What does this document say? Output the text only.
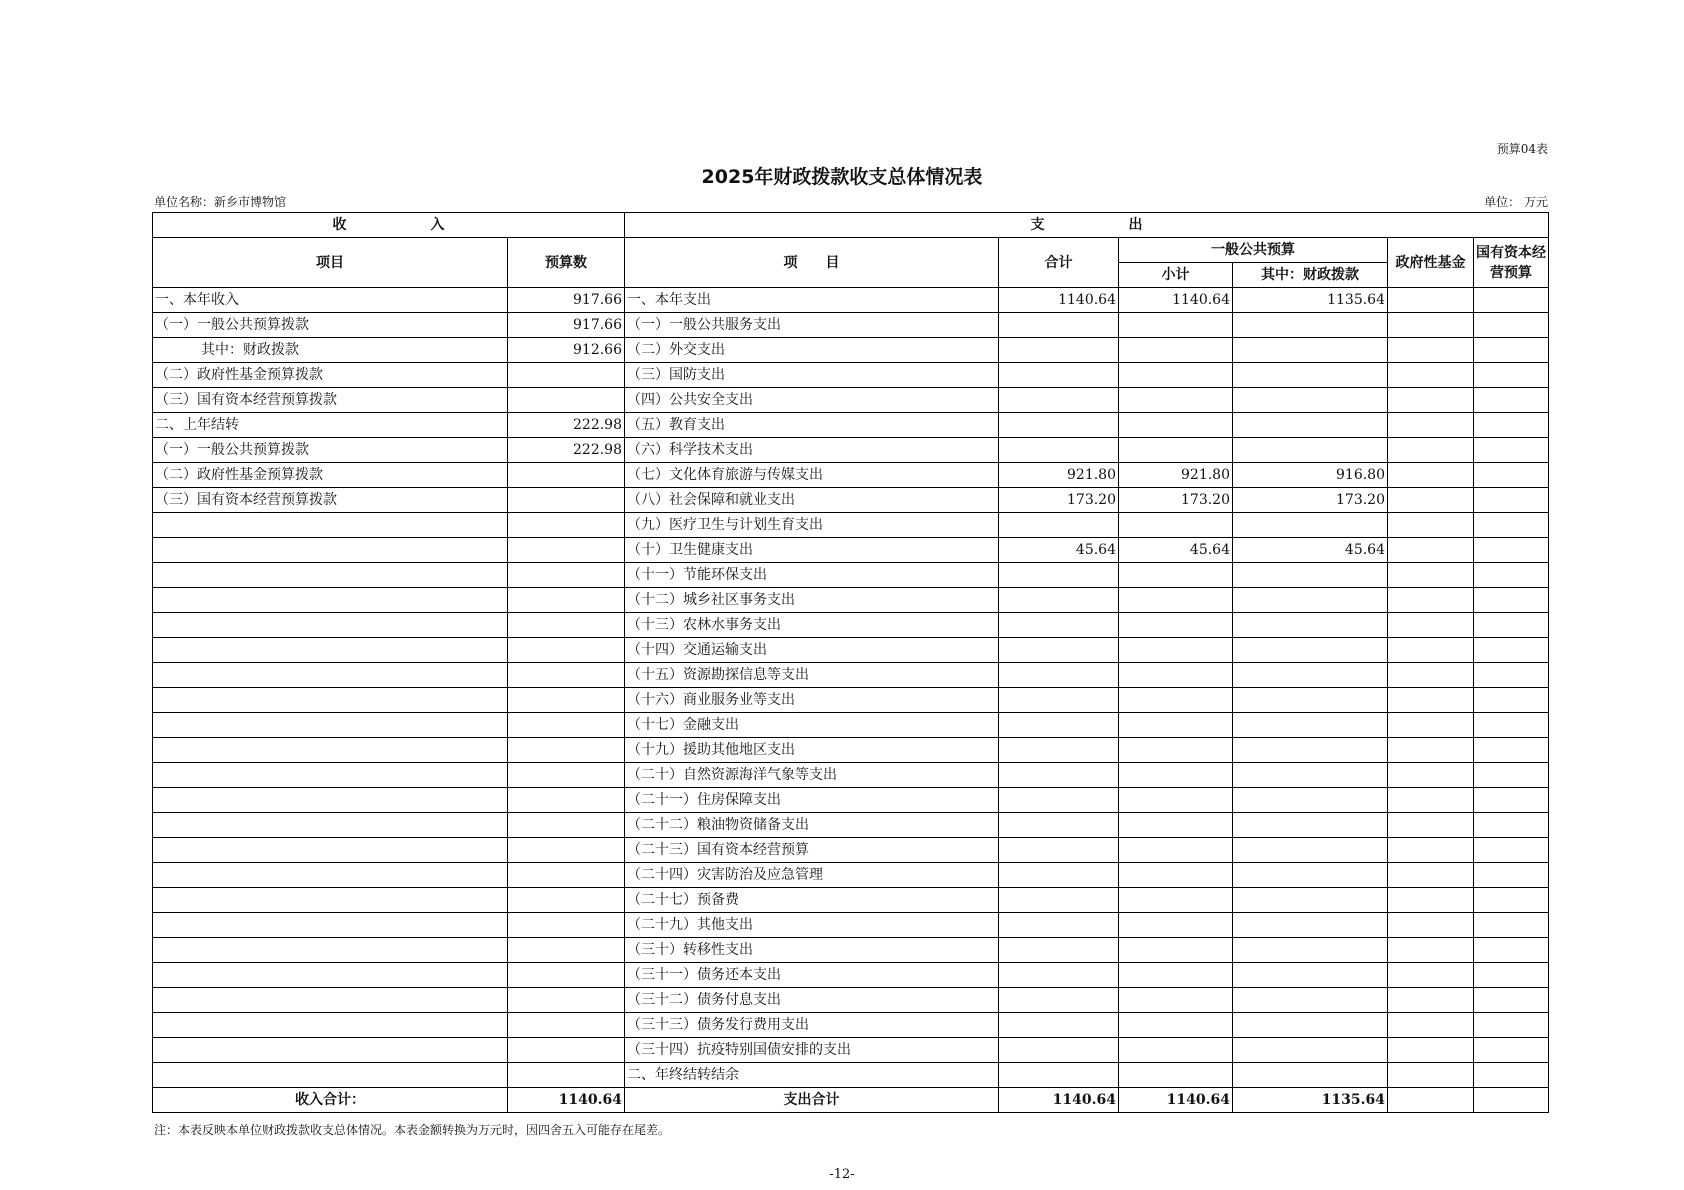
预算04表
2025年财政拨款收支总体情况表
单位名称：新乡市博物馆	单位： 万元
收　　　　　　入		支　　　　　　出					
项目	预算数	项　　目	合计	一般公共预算		政府性基金	国有资本经营预算
				小计	其中：财政拨款		
一、本年收入	917.66	一、本年支出	1140.64	1140.64	1135.64		
（一）一般公共预算拨款	917.66	（一）一般公共服务支出					
其中：财政拨款	912.66	（二）外交支出					
（二）政府性基金预算拨款		（三）国防支出					
（三）国有资本经营预算拨款		（四）公共安全支出					
二、上年结转	222.98	（五）教育支出					
（一）一般公共预算拨款	222.98	（六）科学技术支出					
（二）政府性基金预算拨款		（七）文化体育旅游与传媒支出	921.80	921.80	916.80		
（三）国有资本经营预算拨款		（八）社会保障和就业支出	173.20	173.20	173.20		
		（九）医疗卫生与计划生育支出					
		（十）卫生健康支出	45.64	45.64	45.64		
		（十一）节能环保支出					
		（十二）城乡社区事务支出					
		（十三）农林水事务支出					
		（十四）交通运输支出					
		（十五）资源勘探信息等支出					
		（十六）商业服务业等支出					
		（十七）金融支出					
		（十九）援助其他地区支出					
		（二十）自然资源海洋气象等支出					
		（二十一）住房保障支出					
		（二十二）粮油物资储备支出					
		（二十三）国有资本经营预算					
		（二十四）灾害防治及应急管理					
		（二十七）预备费					
		（二十九）其他支出					
		（三十）转移性支出					
		（三十一）债务还本支出					
		（三十二）债务付息支出					
		（三十三）债务发行费用支出					
		（三十四）抗疫特别国债安排的支出					
		二、年终结转结余					
收入合计：	1140.64	支出合计	1140.64	1140.64	1135.64		
注：本表反映本单位财政拨款收支总体情况。本表金额转换为万元时，因四舍五入可能存在尾差。
-12-
